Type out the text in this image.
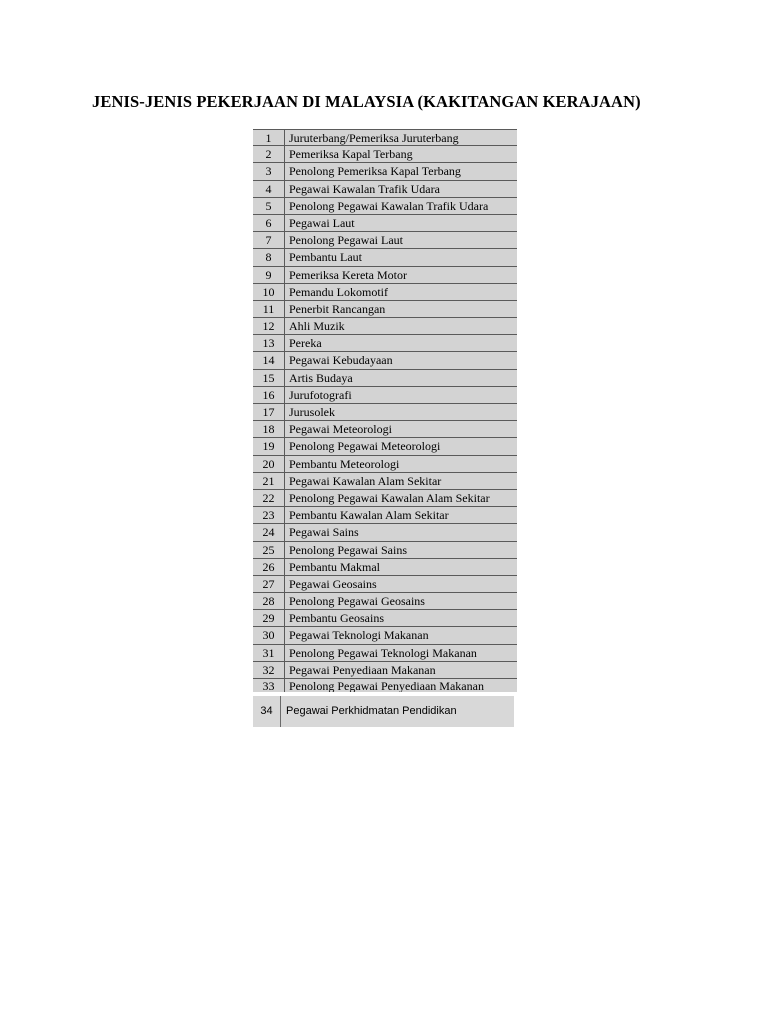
JENIS-JENIS PEKERJAAN DI MALAYSIA (KAKITANGAN KERAJAAN)
1	Juruterbang/Pemeriksa Juruterbang
2	Pemeriksa Kapal Terbang
3	Penolong Pemeriksa Kapal Terbang
4	Pegawai Kawalan Trafik Udara
5	Penolong Pegawai Kawalan Trafik Udara
6	Pegawai Laut
7	Penolong Pegawai Laut
8	Pembantu Laut
9	Pemeriksa Kereta Motor
10	Pemandu Lokomotif
11	Penerbit Rancangan
12	Ahli Muzik
13	Pereka
14	Pegawai Kebudayaan
15	Artis Budaya
16	Jurufotografi
17	Jurusolek
18	Pegawai Meteorologi
19	Penolong Pegawai Meteorologi
20	Pembantu Meteorologi
21	Pegawai Kawalan Alam Sekitar
22	Penolong Pegawai Kawalan Alam Sekitar
23	Pembantu Kawalan Alam Sekitar
24	Pegawai Sains
25	Penolong Pegawai Sains
26	Pembantu Makmal
27	Pegawai Geosains
28	Penolong Pegawai Geosains
29	Pembantu Geosains
30	Pegawai Teknologi Makanan
31	Penolong Pegawai Teknologi Makanan
32	Pegawai Penyediaan Makanan
33	Penolong Pegawai Penyediaan Makanan
34	Pegawai Perkhidmatan Pendidikan
